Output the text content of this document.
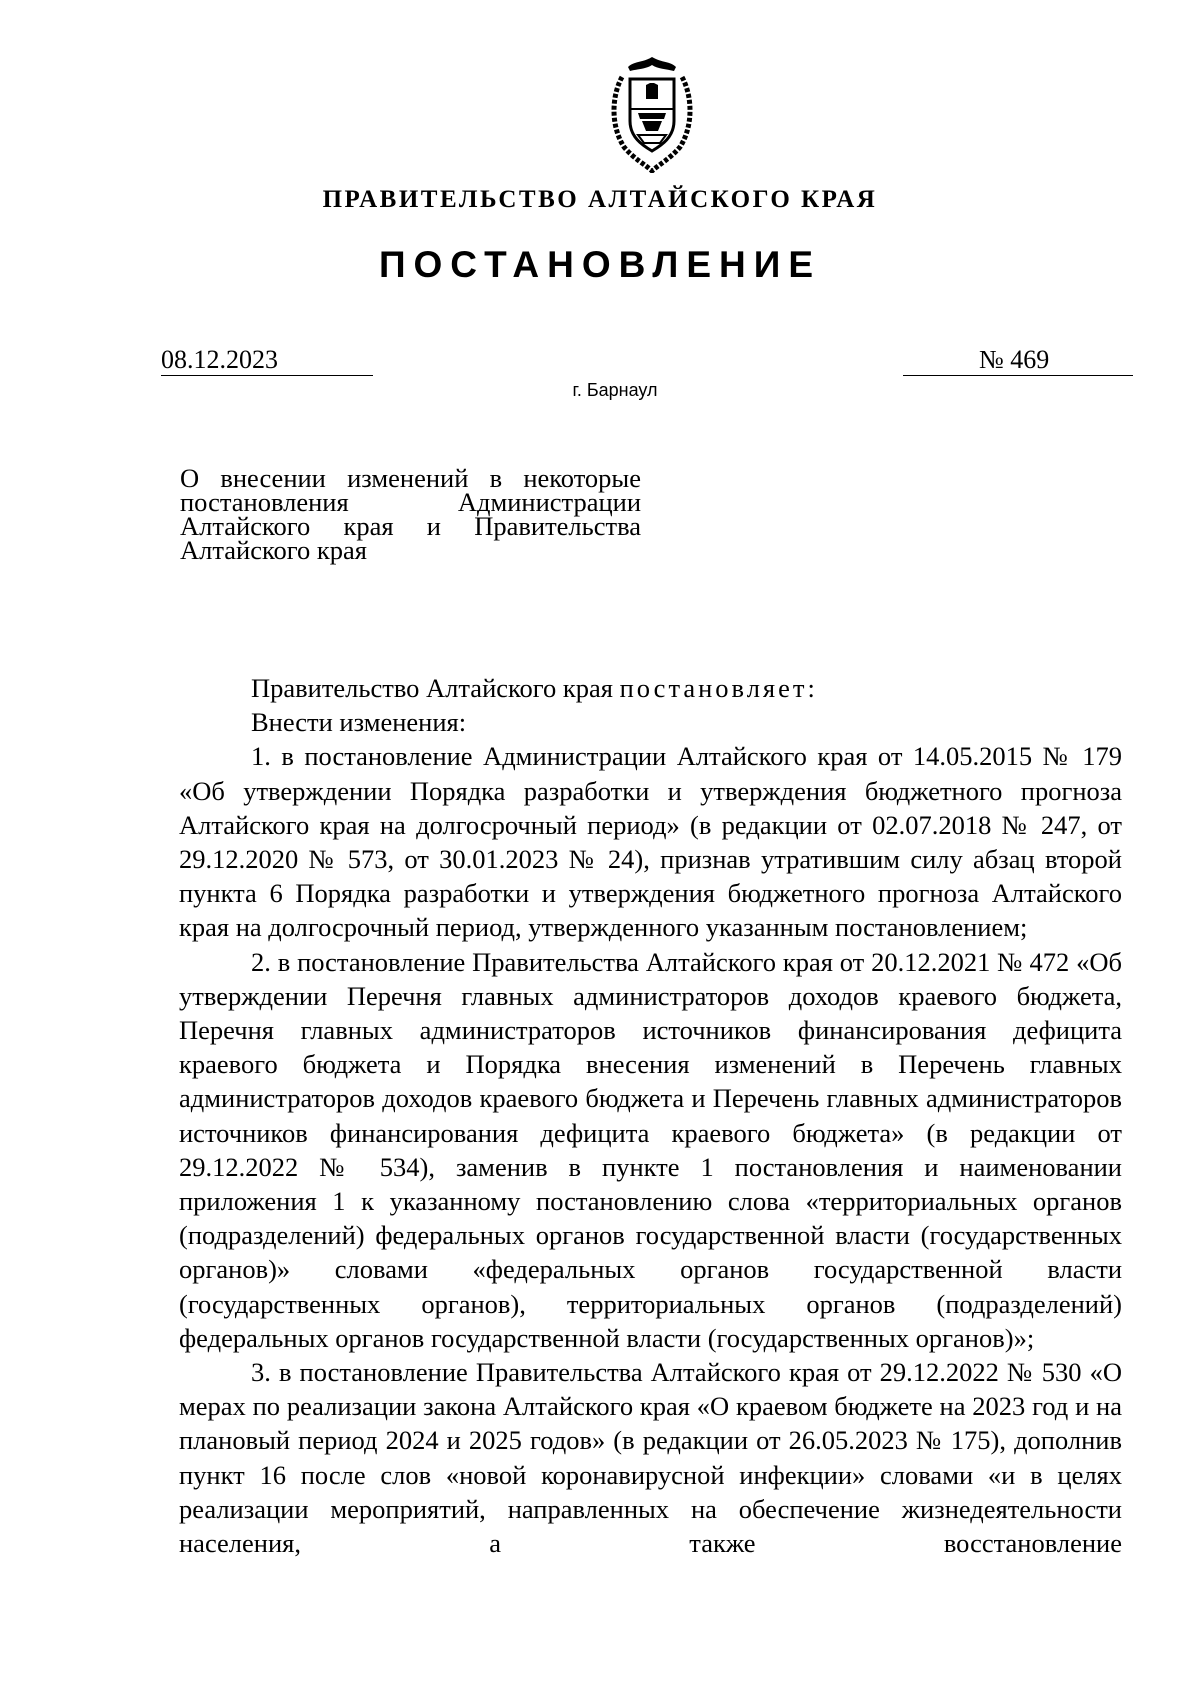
ПРАВИТЕЛЬСТВО АЛТАЙСКОГО КРАЯ
ПОСТАНОВЛЕНИЕ
08.12.2023	№ 469
г. Барнаул
О внесении изменений в некоторые постановления Администрации Алтайского края и Правительства Алтайского края

Правительство Алтайского края постановляет:

Внести изменения:

1. в постановление Администрации Алтайского края от 14.05.2015 № 179 «Об утверждении Порядка разработки и утверждения бюджетного прогноза Алтайского края на долгосрочный период» (в редакции от 02.07.2018 № 247, от 29.12.2020 № 573, от 30.01.2023 № 24), признав утратившим силу абзац второй пункта 6 Порядка разработки и утверждения бюджетного прогноза Алтайского края на долгосрочный период, утвержденного указанным постановлением;

2. в постановление Правительства Алтайского края от 20.12.2021 № 472 «Об утверждении Перечня главных администраторов доходов краевого бюджета, Перечня главных администраторов источников финансирования дефицита краевого бюджета и Порядка внесения изменений в Перечень главных администраторов доходов краевого бюджета и Перечень главных администраторов источников финансирования дефицита краевого бюджета» (в редакции от 29.12.2022 № 534), заменив в пункте 1 постановления и наименовании приложения 1 к указанному постановлению слова «территориальных органов (подразделений) федеральных органов государственной власти (государственных органов)» словами «федеральных органов государственной власти (государственных органов), территориальных органов (подразделений) федеральных органов государственной власти (государственных органов)»;

3. в постановление Правительства Алтайского края от 29.12.2022 № 530 «О мерах по реализации закона Алтайского края «О краевом бюджете на 2023 год и на плановый период 2024 и 2025 годов» (в редакции от 26.05.2023 № 175), дополнив пункт 16 после слов «новой коронавирусной инфекции» словами «и в целях реализации мероприятий, направленных на обеспечение жизнедеятельности населения, а также восстановление
